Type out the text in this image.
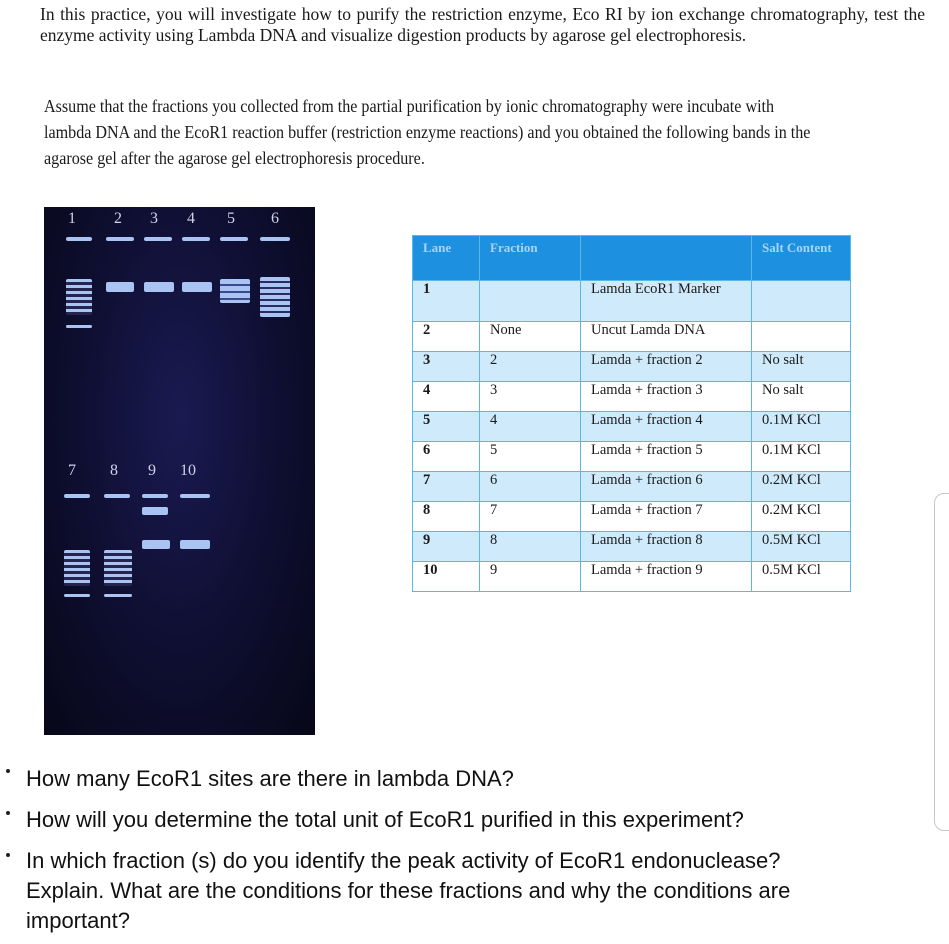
In this practice, you will investigate how to purify the restriction enzyme, Eco RI by ion exchange chromatography, test the enzyme activity using Lambda DNA and visualize digestion products by agarose gel electrophoresis.
Assume that the fractions you collected from the partial purification by ionic chromatography were incubate with lambda DNA and the EcoR1 reaction buffer (restriction enzyme reactions) and you obtained the following bands in the agarose gel after the agarose gel electrophoresis procedure.
1 2 3 4 5 6
7 8 9 10
Lane	Fraction		Salt Content
1		Lamda EcoR1 Marker	
2	None	Uncut Lamda DNA	
3	2	Lamda + fraction 2	No salt
4	3	Lamda + fraction 3	No salt
5	4	Lamda + fraction 4	0.1M KCl
6	5	Lamda + fraction 5	0.1M KCl
7	6	Lamda + fraction 6	0.2M KCl
8	7	Lamda + fraction 7	0.2M KCl
9	8	Lamda + fraction 8	0.5M KCl
10	9	Lamda + fraction 9	0.5M KCl
How many EcoR1 sites are there in lambda DNA?
How will you determine the total unit of EcoR1 purified in this experiment?
In which fraction (s) do you identify the peak activity of EcoR1 endonuclease? Explain. What are the conditions for these fractions and why the conditions are important?
